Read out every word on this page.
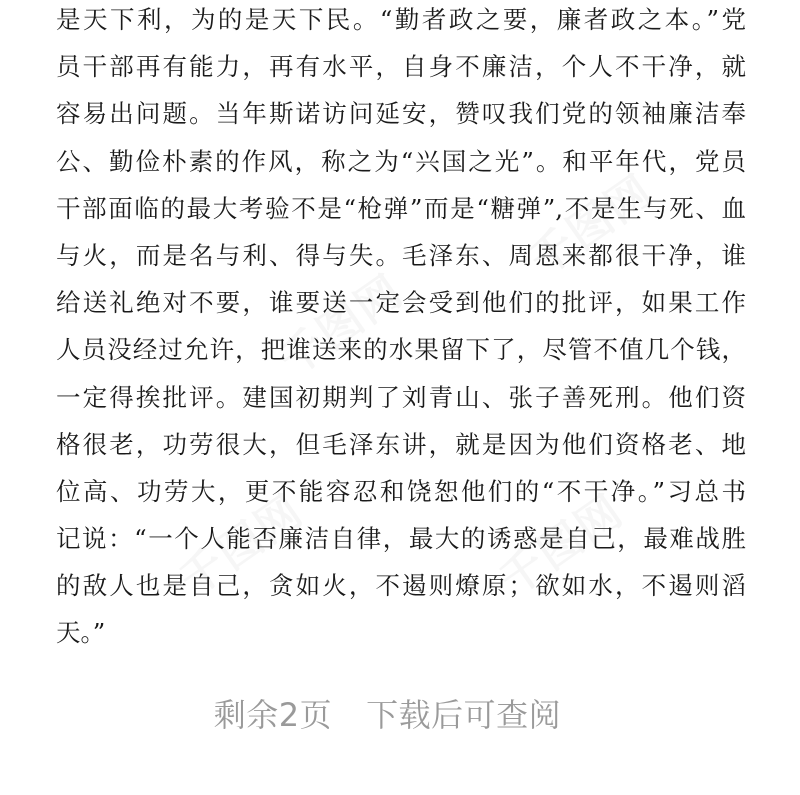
千图网
千图网
千图网	千图网
是天下利，为的是天下民。“勤者政之要，廉者政之本。”党
员干部再有能力，再有水平，自身不廉洁，个人不干净，就
容易出问题。当年斯诺访问延安，赞叹我们党的领袖廉洁奉
公、勤俭朴素的作风，称之为“兴国之光”。和平年代，党员
干部面临的最大考验不是“枪弹”而是“糖弹”,不是生与死、血
与火，而是名与利、得与失。毛泽东、周恩来都很干净，谁
给送礼绝对不要，谁要送一定会受到他们的批评，如果工作
人员没经过允许，把谁送来的水果留下了，尽管不值几个钱，
一定得挨批评。建国初期判了刘青山、张子善死刑。他们资
格很老，功劳很大，但毛泽东讲，就是因为他们资格老、地
位高、功劳大，更不能容忍和饶恕他们的“不干净。”习总书
记说：“一个人能否廉洁自律，最大的诱惑是自己，最难战胜
的敌人也是自己，贪如火，不遏则燎原；欲如水，不遏则滔
天。”
剩余2页 下载后可查阅
